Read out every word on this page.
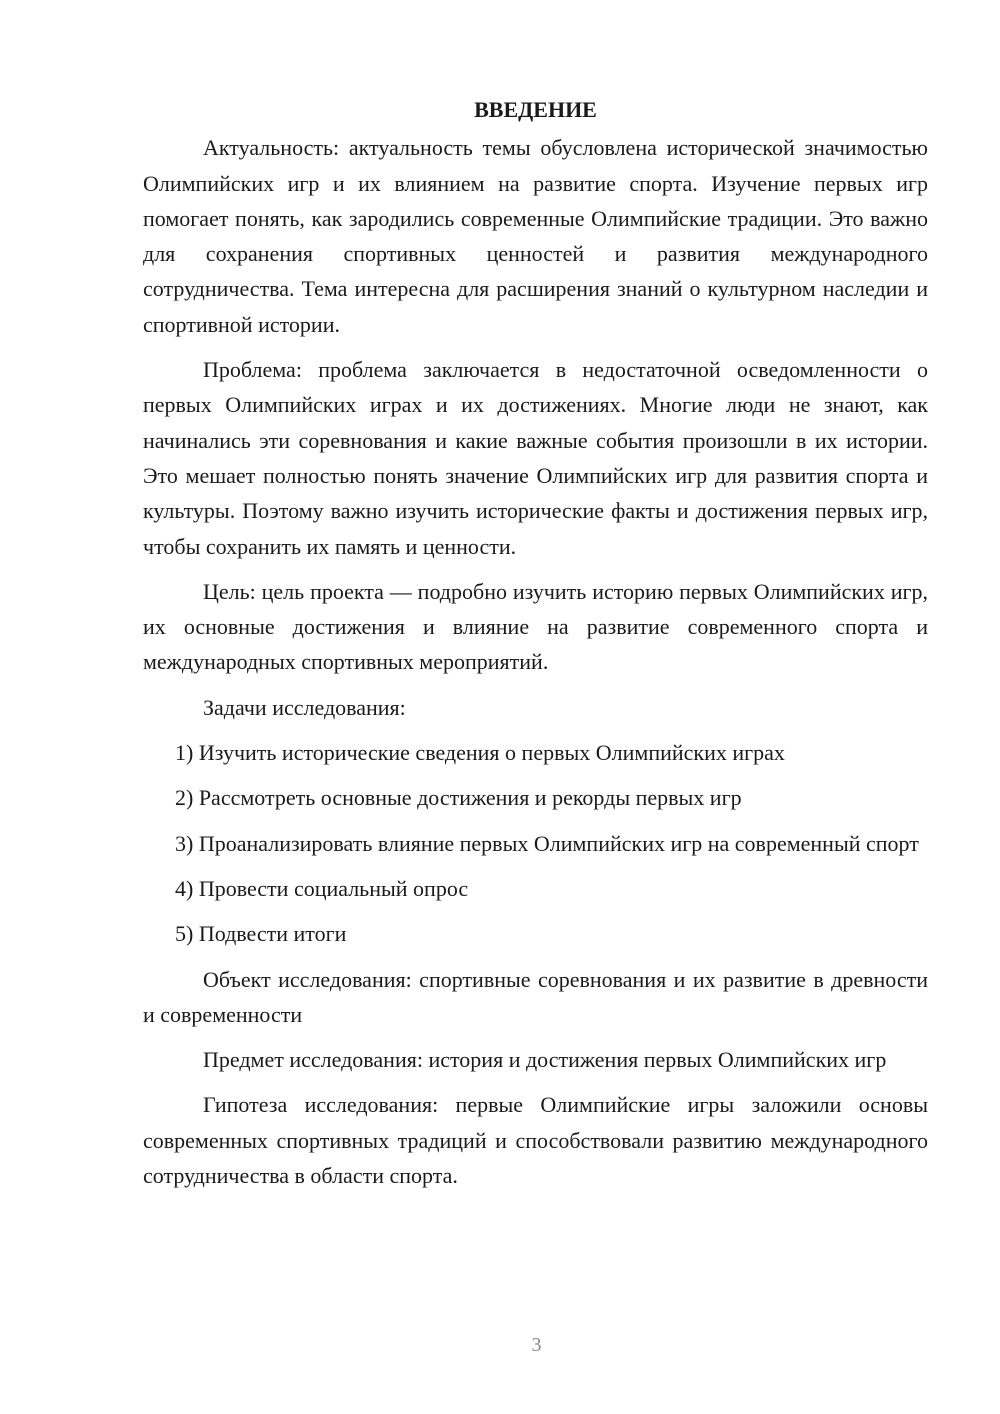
ВВЕДЕНИЕ

Актуальность: актуальность темы обусловлена исторической значимостью Олимпийских игр и их влиянием на развитие спорта. Изучение первых игр помогает понять, как зародились современные Олимпийские традиции. Это важно для сохранения спортивных ценностей и развития международного сотрудничества. Тема интересна для расширения знаний о культурном наследии и спортивной истории.

Проблема: проблема заключается в недостаточной осведомленности о первых Олимпийских играх и их достижениях. Многие люди не знают, как начинались эти соревнования и какие важные события произошли в их истории. Это мешает полностью понять значение Олимпийских игр для развития спорта и культуры. Поэтому важно изучить исторические факты и достижения первых игр, чтобы сохранить их память и ценности.

Цель: цель проекта — подробно изучить историю первых Олимпийских игр, их основные достижения и влияние на развитие современного спорта и международных спортивных мероприятий.

Задачи исследования:

1) Изучить исторические сведения о первых Олимпийских играх

2) Рассмотреть основные достижения и рекорды первых игр

3) Проанализировать влияние первых Олимпийских игр на современный спорт

4) Провести социальный опрос

5) Подвести итоги

Объект исследования: спортивные соревнования и их развитие в древности и современности

Предмет исследования: история и достижения первых Олимпийских игр

Гипотеза исследования: первые Олимпийские игры заложили основы современных спортивных традиций и способствовали развитию международного сотрудничества в области спорта.

3
